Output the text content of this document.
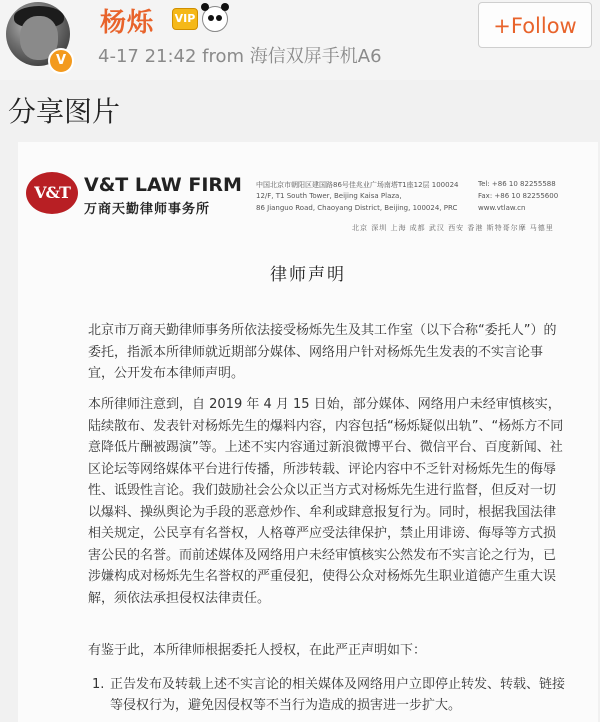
V
杨烁 VIP
4-17 21:42 from 海信双屏手机A6
+Follow
分享图片
V&T V&T LAW FIRM
万商天勤律师事务所
中国北京市朝阳区建国路86号佳兆业广场南塔T1座12层 100024
12/F, T1 South Tower, Beijing Kaisa Plaza,
86 Jianguo Road, Chaoyang District, Beijing, 100024, PRC
Tel: +86 10 82255588
Fax: +86 10 82255600
www.vtlaw.cn
北京 深圳 上海 成都 武汉 西安 香港 斯特哥尔摩 马德里
律师声明

北京市万商天勤律师事务所依法接受杨烁先生及其工作室（以下合称“委托人”）的委托，指派本所律师就近期部分媒体、网络用户针对杨烁先生发表的不实言论事宜，公开发布本律师声明。

本所律师注意到，自 2019 年 4 月 15 日始，部分媒体、网络用户未经审慎核实，陆续散布、发表针对杨烁先生的爆料内容，内容包括“杨烁疑似出轨”、“杨烁方不同意降低片酬被踢演”等。上述不实内容通过新浪微博平台、微信平台、百度新闻、社区论坛等网络媒体平台进行传播，所涉转载、评论内容中不乏针对杨烁先生的侮辱性、诋毁性言论。我们鼓励社会公众以正当方式对杨烁先生进行监督，但反对一切以爆料、操纵舆论为手段的恶意炒作、牟利或肆意报复行为。同时，根据我国法律相关规定，公民享有名誉权，人格尊严应受法律保护，禁止用诽谤、侮辱等方式损害公民的名誉。而前述媒体及网络用户未经审慎核实公然发布不实言论之行为，已涉嫌构成对杨烁先生名誉权的严重侵犯，使得公众对杨烁先生职业道德产生重大误解，须依法承担侵权法律责任。

有鉴于此，本所律师根据委托人授权，在此严正声明如下：

1. 正告发布及转载上述不实言论的相关媒体及网络用户立即停止转发、转载、链接等侵权行为，避免因侵权等不当行为造成的损害进一步扩大。
